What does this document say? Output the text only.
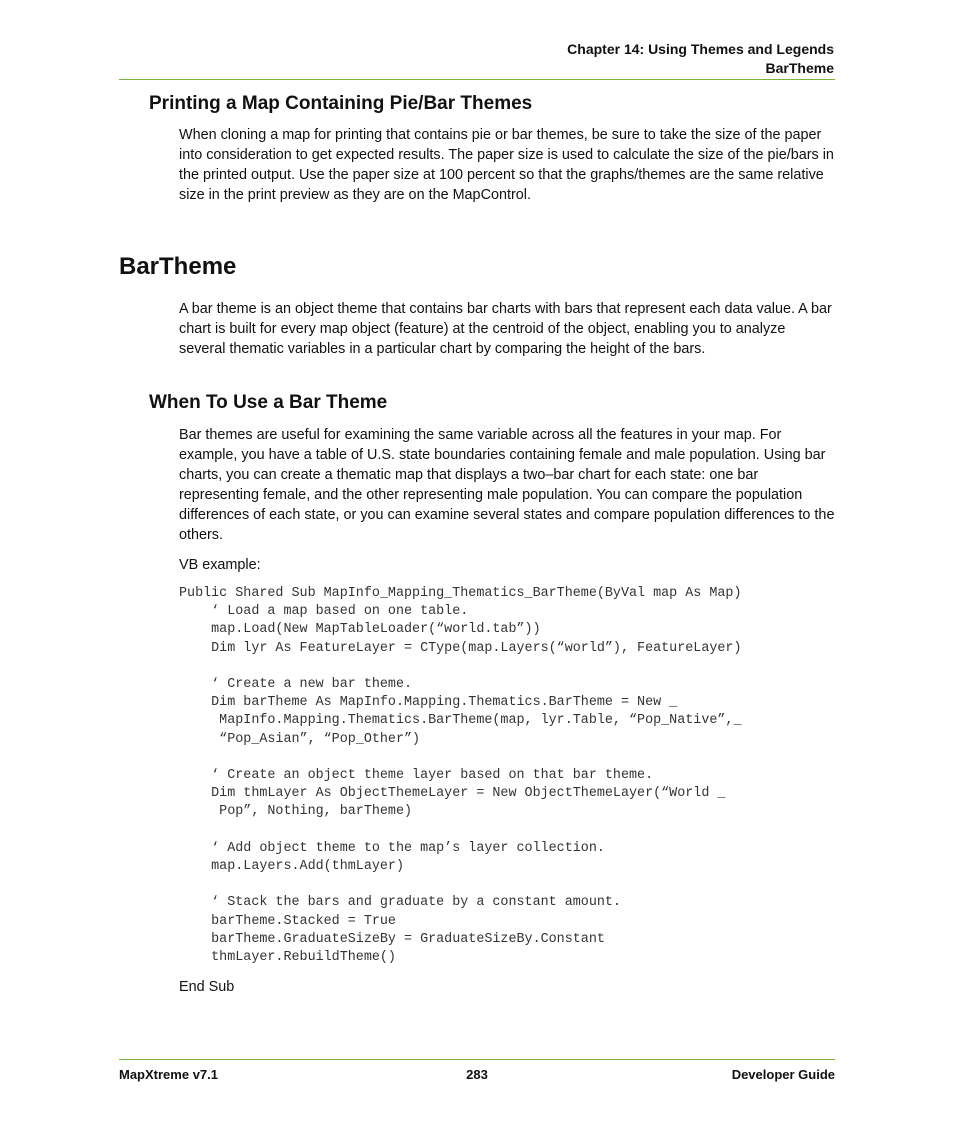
Chapter 14: Using Themes and Legends
BarTheme
Printing a Map Containing Pie/Bar Themes

When cloning a map for printing that contains pie or bar themes, be sure to take the size of the paper into consideration to get expected results. The paper size is used to calculate the size of the pie/bars in the printed output. Use the paper size at 100 percent so that the graphs/themes are the same relative size in the print preview as they are on the MapControl.

BarTheme

A bar theme is an object theme that contains bar charts with bars that represent each data value. A bar chart is built for every map object (feature) at the centroid of the object, enabling you to analyze several thematic variables in a particular chart by comparing the height of the bars.

When To Use a Bar Theme

Bar themes are useful for examining the same variable across all the features in your map. For example, you have a table of U.S. state boundaries containing female and male population. Using bar charts, you can create a thematic map that displays a two–bar chart for each state: one bar representing female, and the other representing male population. You can compare the population differences of each state, or you can examine several states and compare population differences to the others.

VB example:

Public Shared Sub MapInfo_Mapping_Thematics_BarTheme(ByVal map As Map)
‘ Load a map based on one table.
map.Load(New MapTableLoader(“world.tab”))
Dim lyr As FeatureLayer = CType(map.Layers(“world”), FeatureLayer)

‘ Create a new bar theme.
Dim barTheme As MapInfo.Mapping.Thematics.BarTheme = New _
MapInfo.Mapping.Thematics.BarTheme(map, lyr.Table, “Pop_Native”,_
“Pop_Asian”, “Pop_Other”)

‘ Create an object theme layer based on that bar theme.
Dim thmLayer As ObjectThemeLayer = New ObjectThemeLayer(“World _
Pop”, Nothing, barTheme)

‘ Add object theme to the map’s layer collection.
map.Layers.Add(thmLayer)

‘ Stack the bars and graduate by a constant amount.
barTheme.Stacked = True
barTheme.GraduateSizeBy = GraduateSizeBy.Constant
thmLayer.RebuildTheme()

End Sub

MapXtreme v7.1	283	Developer Guide
